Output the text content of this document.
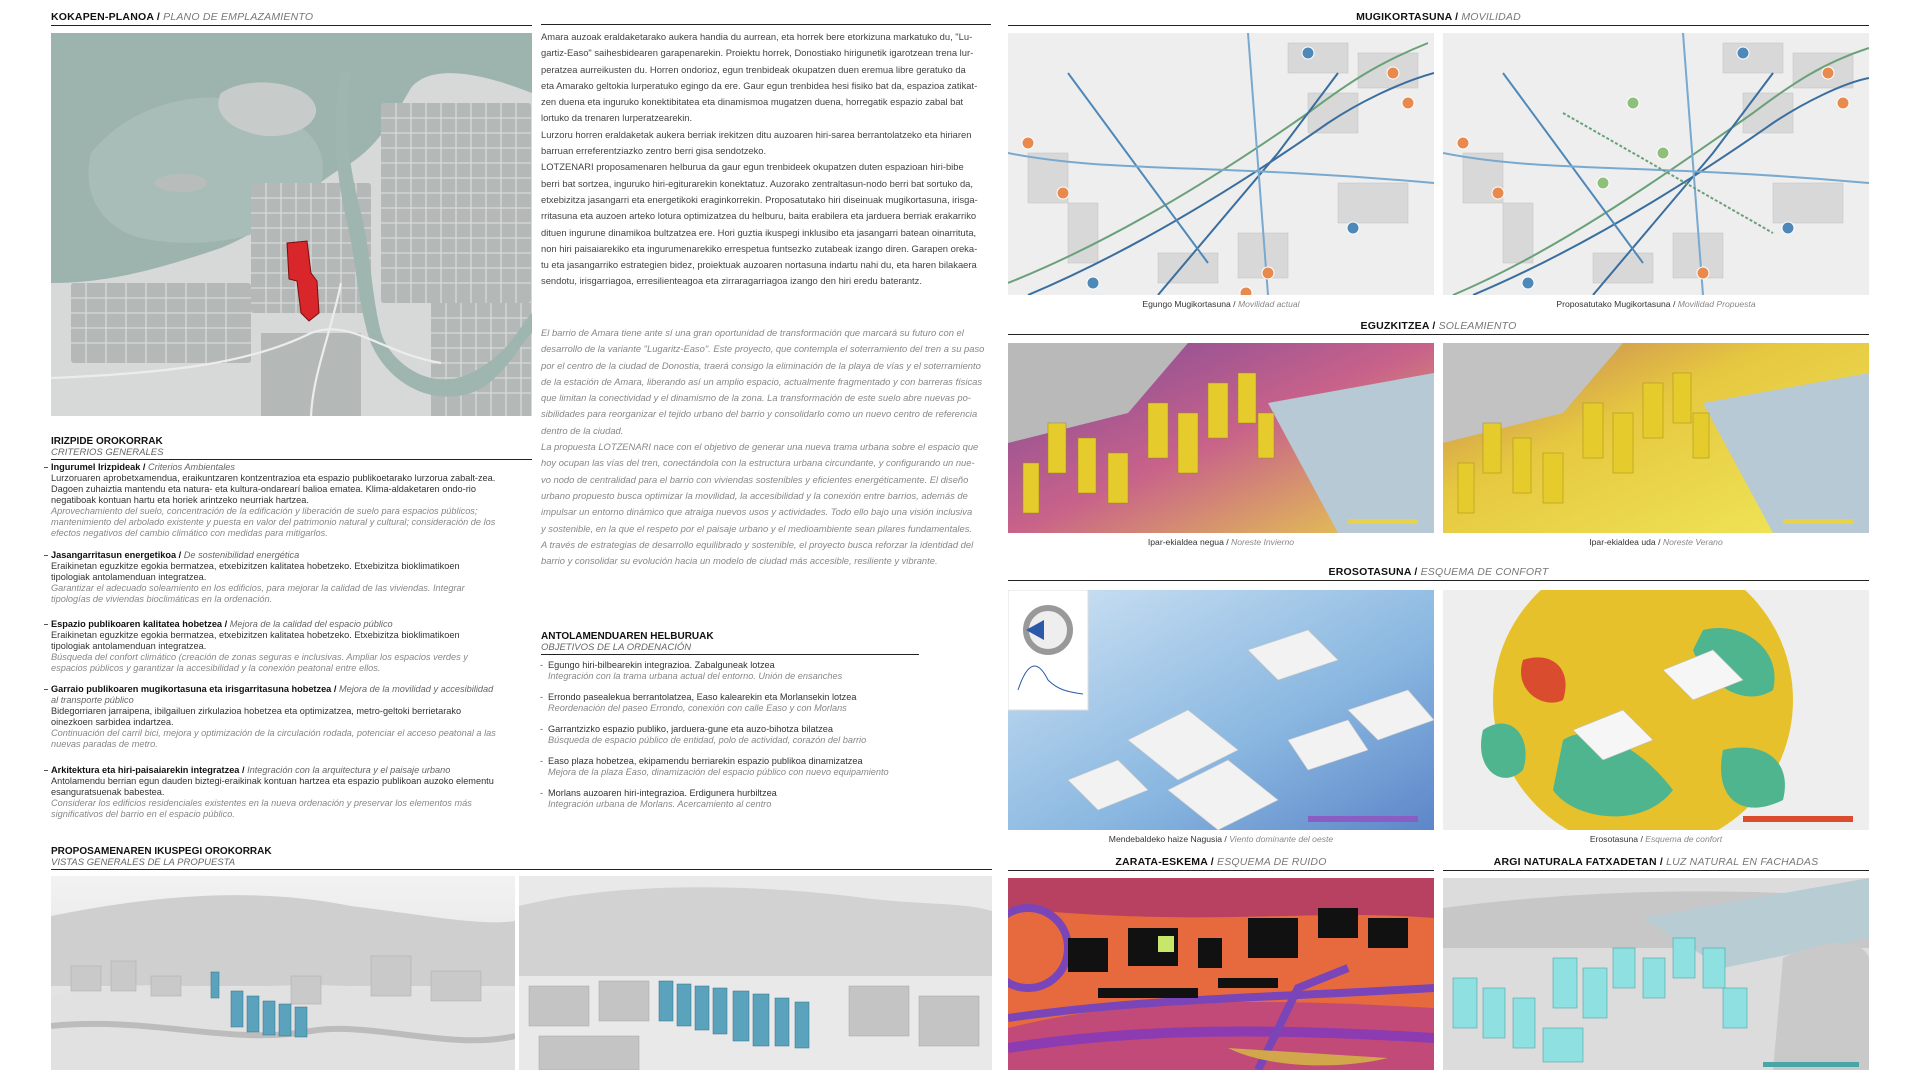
KOKAPEN-PLANOA / PLANO DE EMPLAZAMIENTO
Amara auzoak eraldaketarako aukera handia du aurrean, eta horrek bere etorkizuna markatuko du, "Lu-
gartiz-Easo" saihesbidearen garapenarekin. Proiektu horrek, Donostiako hirigunetik igarotzean trena lur-
peratzea aurreikusten du. Horren ondorioz, egun trenbideak okupatzen duen eremua libre geratuko da
eta Amarako geltokia lurperatuko egingo da ere. Gaur egun trenbidea hesi fisiko bat da, espazioa zatikat-
zen duena eta inguruko konektibitatea eta dinamismoa mugatzen duena, horregatik espazio zabal bat
lortuko da trenaren lurperatzearekin.
Lurzoru horren eraldaketak aukera berriak irekitzen ditu auzoaren hiri-sarea berrantolatzeko eta hiriaren
barruan erreferentziazko zentro berri gisa sendotzeko.
LOTZENARI proposamenaren helburua da gaur egun trenbideek okupatzen duten espazioan hiri-bibe
berri bat sortzea, inguruko hiri-egiturarekin konektatuz. Auzorako zentraltasun-nodo berri bat sortuko da,
etxebizitza jasangarri eta energetikoki eraginkorrekin. Proposatutako hiri diseinuak mugikortasuna, irisga-
rritasuna eta auzoen arteko lotura optimizatzea du helburu, baita erabilera eta jarduera berriak erakarriko
dituen ingurune dinamikoa bultzatzea ere. Hori guztia ikuspegi inklusibo eta jasangarri batean oinarrituta,
non hiri paisaiarekiko eta ingurumenarekiko errespetua funtsezko zutabeak izango diren. Garapen oreka-
tu eta jasangarriko estrategien bidez, proiektuak auzoaren nortasuna indartu nahi du, eta haren bilakaera
sendotu, irisgarriagoa, erresilienteagoa eta zirraragarriagoa izango den hiri eredu baterantz.
El barrio de Amara tiene ante sí una gran oportunidad de transformación que marcará su futuro con el
desarrollo de la variante "Lugaritz-Easo". Este proyecto, que contempla el soterramiento del tren a su paso
por el centro de la ciudad de Donostia, traerá consigo la eliminación de la playa de vías y el soterramiento
de la estación de Amara, liberando así un amplio espacio, actualmente fragmentado y con barreras físicas
que limitan la conectividad y el dinamismo de la zona. La transformación de este suelo abre nuevas po-
sibilidades para reorganizar el tejido urbano del barrio y consolidarlo como un nuevo centro de referencia
dentro de la ciudad.
La propuesta LOTZENARI nace con el objetivo de generar una nueva trama urbana sobre el espacio que
hoy ocupan las vías del tren, conectándola con la estructura urbana circundante, y configurando un nue-
vo nodo de centralidad para el barrio con viviendas sostenibles y eficientes energéticamente. El diseño
urbano propuesto busca optimizar la movilidad, la accesibilidad y la conexión entre barrios, además de
impulsar un entorno dinámico que atraiga nuevos usos y actividades. Todo ello bajo una visión inclusiva
y sostenible, en la que el respeto por el paisaje urbano y el medioambiente sean pilares fundamentales.
A través de estrategias de desarrollo equilibrado y sostenible, el proyecto busca reforzar la identidad del
barrio y consolidar su evolución hacia un modelo de ciudad más accesible, resiliente y vibrante.
IRIZPIDE OROKORRAK
CRITERIOS GENERALES
Ingurumel Irizpideak / Criterios Ambientales
Lurzoruaren aprobetxamendua, eraikuntzaren kontzentrazioa eta espazio publikoetarako lurzorua zabalt-zea. Dagoen zuhaiztia mantendu eta natura- eta kultura-ondarearí balioa ematea. Klima-aldaketaren ondo-rio negatiboak kontuan hartu eta horiek arintzeko neurriak hartzea.
Aprovechamiento del suelo, concentración de la edificación y liberación de suelo para espacios públicos; mantenimiento del arbolado existente y puesta en valor del patrimonio natural y cultural; consideración de los efectos negativos del cambio climático con medidas para mitigarlos.
Jasangarritasun energetikoa / De sostenibilidad energética
Eraikinetan eguzkitze egokia bermatzea, etxebizitzen kalitatea hobetzeko. Etxebizitza bioklimatikoen tipologiak antolamenduan integratzea.
Garantizar el adecuado soleamiento en los edificios, para mejorar la calidad de las viviendas. Integrar tipologías de viviendas bioclimáticas en la ordenación.
Espazio publikoaren kalitatea hobetzea / Mejora de la calidad del espacio público
Eraikinetan eguzkitze egokia bermatzea, etxebizitzen kalitatea hobetzeko. Etxebizitza bioklimatikoen tipologiak antolamenduan integratzea.
Búsqueda del confort climático (creación de zonas seguras e inclusivas. Ampliar los espacios verdes y espacios públicos y garantizar la accesibilidad y la conexión peatonal entre ellos.
Garraio publikoaren mugikortasuna eta irisgarritasuna hobetzea / Mejora de la movilidad y accesibilidad al transporte público
Bidegorriaren jarraipena, ibilgailuen zirkulazioa hobetzea eta optimizatzea, metro-geltoki berrietarako oinezkoen sarbidea indartzea.
Continuación del carril bici, mejora y optimización de la circulación rodada, potenciar el acceso peatonal a las nuevas paradas de metro.
Arkitektura eta hiri-paisaiarekin integratzea / Integración con la arquitectura y el paisaje urbano
Antolamendu berrian egun dauden biztegi-eraikinak kontuan hartzea eta espazio publikoan auzoko elementu esanguratsuenak babestea.
Considerar los edificios residenciales existentes en la nueva ordenación y preservar los elementos más significativos del barrio en el espacio público.
ANTOLAMENDUAREN HELBURUAK
OBJETIVOS DE LA ORDENACIÓN
- Egungo hiri-bilbearekin integrazioa. Zabalguneak lotzea
Integración con la trama urbana actual del entorno. Unión de ensanches
- Errondo pasealekua berrantolatzea, Easo kalearekin eta Morlansekin lotzea
Reordenación del paseo Errondo, conexión con calle Easo y con Morlans
- Garrantzizko espazio publiko, jarduera-gune eta auzo-bihotza bilatzea
Búsqueda de espacio público de entidad, polo de actividad, corazón del barrio
- Easo plaza hobetzea, ekipamendu berriarekin espazio publikoa dinamizatzea
Mejora de la plaza Easo, dinamización del espacio público con nuevo equipamiento
- Morlans auzoaren hiri-integrazioa. Erdigunera hurbiltzea
Integración urbana de Morlans. Acercamiento al centro
PROPOSAMENAREN IKUSPEGI OROKORRAK
VISTAS GENERALES DE LA PROPUESTA
MUGIKORTASUNA / MOVILIDAD
Egungo Mugikortasuna / Movilidad actual	Proposatutako Mugikortasuna / Movilidad Propuesta
EGUZKITZEA / SOLEAMIENTO
Ipar-ekialdea negua / Noreste Invierno	Ipar-ekialdea uda / Noreste Verano
EROSOTASUNA / ESQUEMA DE CONFORT
Mendebaldeko haize Nagusia / Viento dominante del oeste	Erosotasuna / Esquema de confort
ZARATA-ESKEMA / ESQUEMA DE RUIDO	ARGI NATURALA FATXADETAN / LUZ NATURAL EN FACHADAS
